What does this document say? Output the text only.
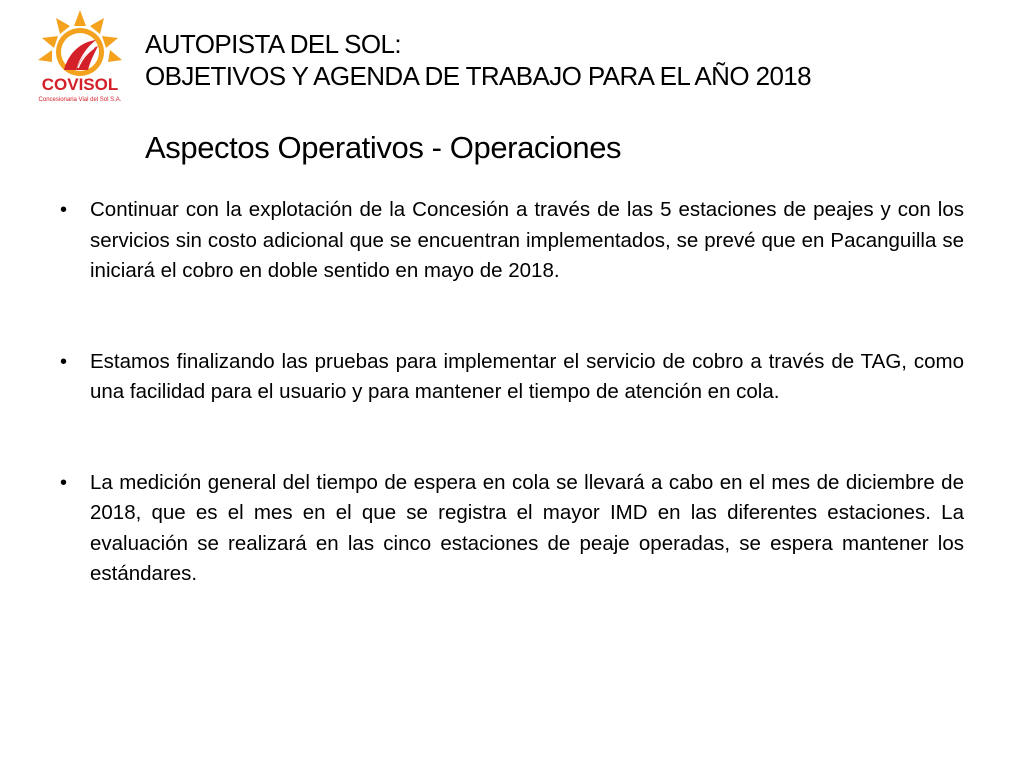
COVISOL
Concesionaria Vial del Sol S.A.
AUTOPISTA DEL SOL:
OBJETIVOS Y AGENDA DE TRABAJO PARA EL AÑO 2018
Aspectos Operativos - Operaciones
• Continuar con la explotación de la Concesión a través de las 5 estaciones de peajes y con los servicios sin costo adicional que se encuentran implementados, se prevé que en Pacanguilla se iniciará el cobro en doble sentido en mayo de 2018.
• Estamos finalizando las pruebas para implementar el servicio de cobro a través de TAG, como una facilidad para el usuario y para mantener el tiempo de atención en cola.
• La medición general del tiempo de espera en cola se llevará a cabo en el mes de diciembre de 2018, que es el mes en el que se registra el mayor IMD en las diferentes estaciones. La evaluación se realizará en las cinco estaciones de peaje operadas, se espera mantener los estándares.
